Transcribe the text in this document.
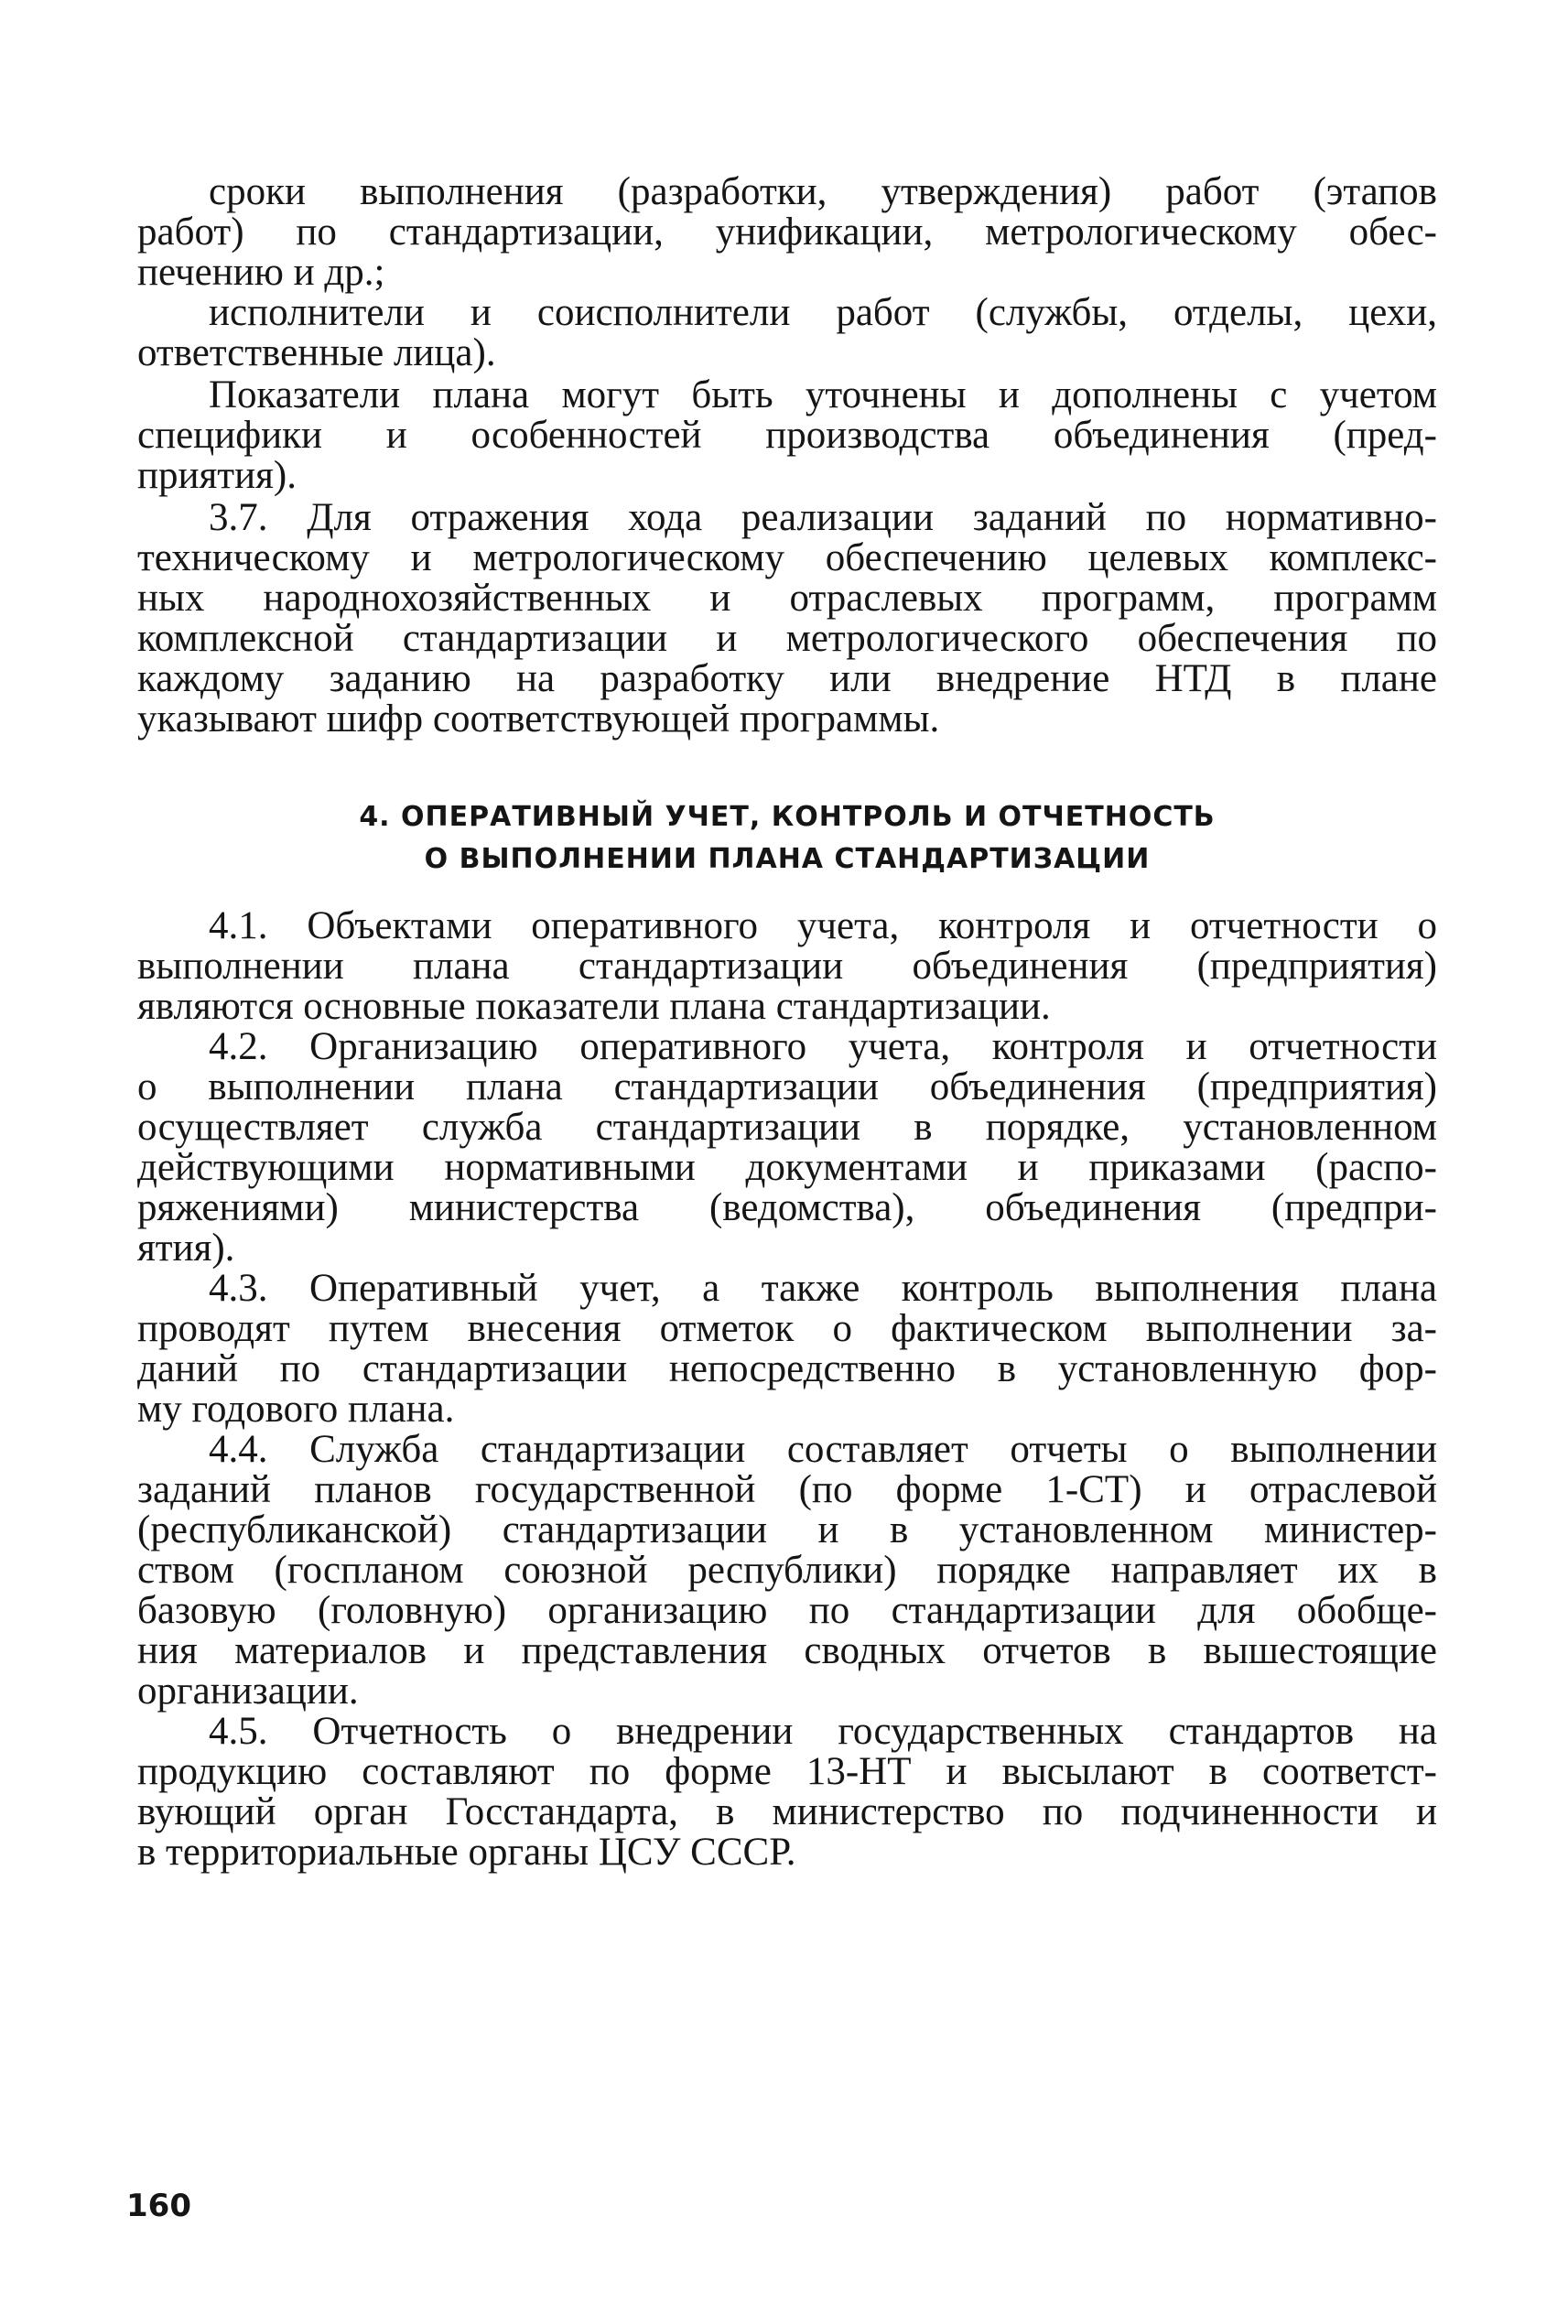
сроки выполнения (разработки, утверждения) работ (этапов
работ) по стандартизации, унификации, метрологическому обес-
печению и др.;
исполнители и соисполнители работ (службы, отделы, цехи,
ответственные лица).
Показатели плана могут быть уточнены и дополнены с учетом
специфики и особенностей производства объединения (пред-
приятия).
3.7. Для отражения хода реализации заданий по нормативно-
техническому и метрологическому обеспечению целевых комплекс-
ных народнохозяйственных и отраслевых программ, программ
комплексной стандартизации и метрологического обеспечения по
каждому заданию на разработку или внедрение НТД в плане
указывают шифр соответствующей программы.
4. ОПЕРАТИВНЫЙ УЧЕТ, КОНТРОЛЬ И ОТЧЕТНОСТЬ
О ВЫПОЛНЕНИИ ПЛАНА СТАНДАРТИЗАЦИИ
4.1. Объектами оперативного учета, контроля и отчетности о
выполнении плана стандартизации объединения (предприятия)
являются основные показатели плана стандартизации.
4.2. Организацию оперативного учета, контроля и отчетности
о выполнении плана стандартизации объединения (предприятия)
осуществляет служба стандартизации в порядке, установленном
действующими нормативными документами и приказами (распо-
ряжениями) министерства (ведомства), объединения (предпри-
ятия).
4.3. Оперативный учет, а также контроль выполнения плана
проводят путем внесения отметок о фактическом выполнении за-
даний по стандартизации непосредственно в установленную фор-
му годового плана.
4.4. Служба стандартизации составляет отчеты о выполнении
заданий планов государственной (по форме 1-СТ) и отраслевой
(республиканской) стандартизации и в установленном министер-
ством (госпланом союзной республики) порядке направляет их в
базовую (головную) организацию по стандартизации для обобще-
ния материалов и представления сводных отчетов в вышестоящие
организации.
4.5. Отчетность о внедрении государственных стандартов на
продукцию составляют по форме 13-НТ и высылают в соответст-
вующий орган Госстандарта, в министерство по подчиненности и
в территориальные органы ЦСУ СССР.
160
